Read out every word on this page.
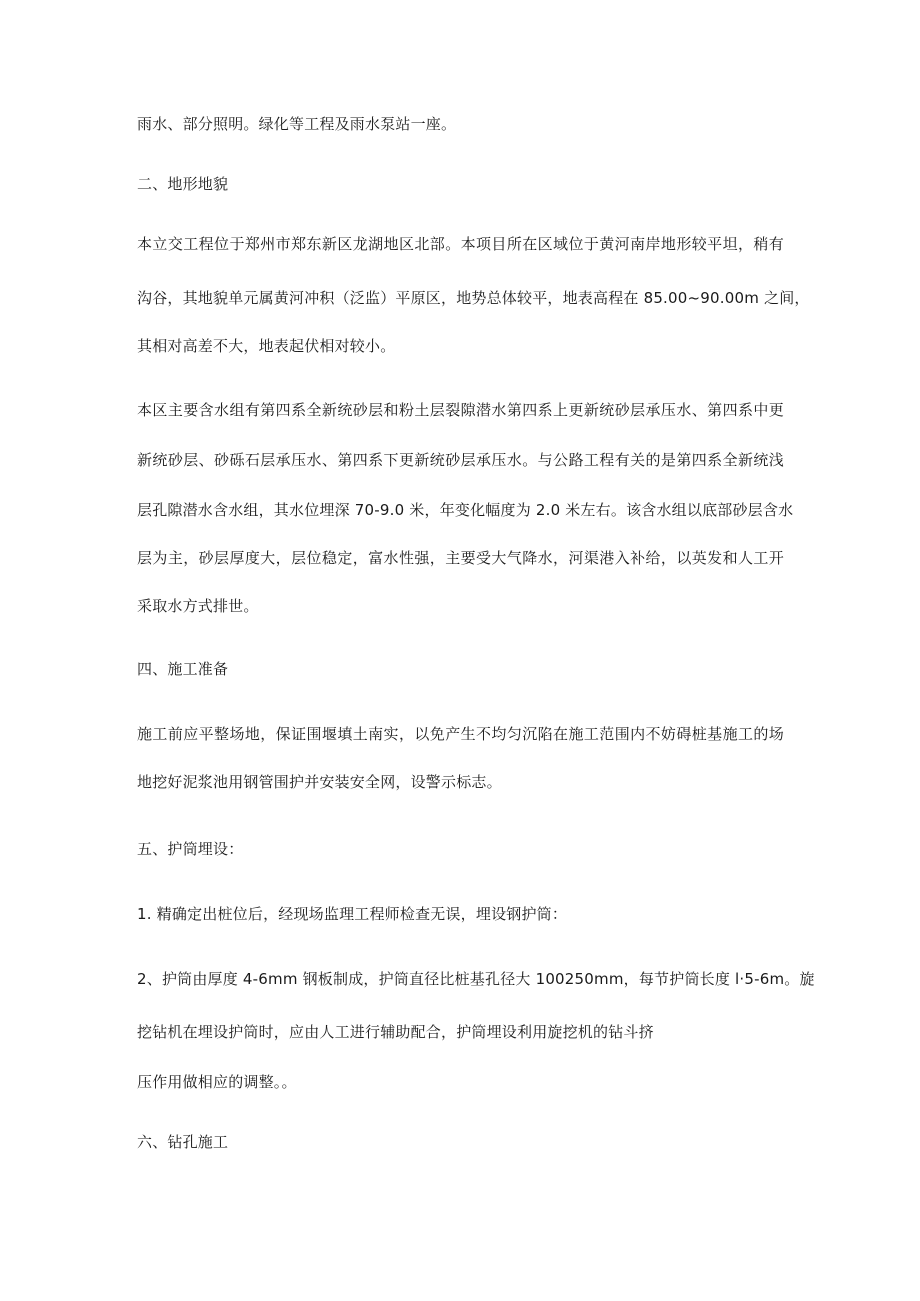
雨水、部分照明。绿化等工程及雨水泵站一座。
二、地形地貌
本立交工程位于郑州市郑东新区龙湖地区北部。本项目所在区域位于黄河南岸地形较平坦，稍有
沟谷，其地貌单元属黄河冲积（泛监）平原区，地势总体较平，地表高程在 85.00~90.00m 之间，
其相对高差不大，地表起伏相对较小。
本区主要含水组有第四系全新统砂层和粉土层裂隙潜水第四系上更新统砂层承压水、第四系中更
新统砂层、砂砾石层承压水、第四系下更新统砂层承压水。与公路工程有关的是第四系全新统浅
层孔隙潜水含水组，其水位埋深 70-9.0 米，年变化幅度为 2.0 米左右。该含水组以底部砂层含水
层为主，砂层厚度大，层位稳定，富水性强，主要受大气降水，河渠港入补给，以英发和人工开
采取水方式排世。
四、施工准备
施工前应平整场地，保证围堰填土南实，以免产生不均匀沉陷在施工范围内不妨碍桩基施工的场
地挖好泥浆池用钢管围护并安装安全网，设警示标志。
五、护筒埋设：
1. 精确定出桩位后，经现场监理工程师检查无误，埋设钢护筒：
2、护筒由厚度 4-6mm 钢板制成，护筒直径比桩基孔径大 100250mm，每节护筒长度 l·5-6m。旋
挖钻机在埋设护筒时，应由人工进行辅助配合，护筒埋设利用旋挖机的钻斗挤
压作用做相应的调整。。
六、钻孔施工
